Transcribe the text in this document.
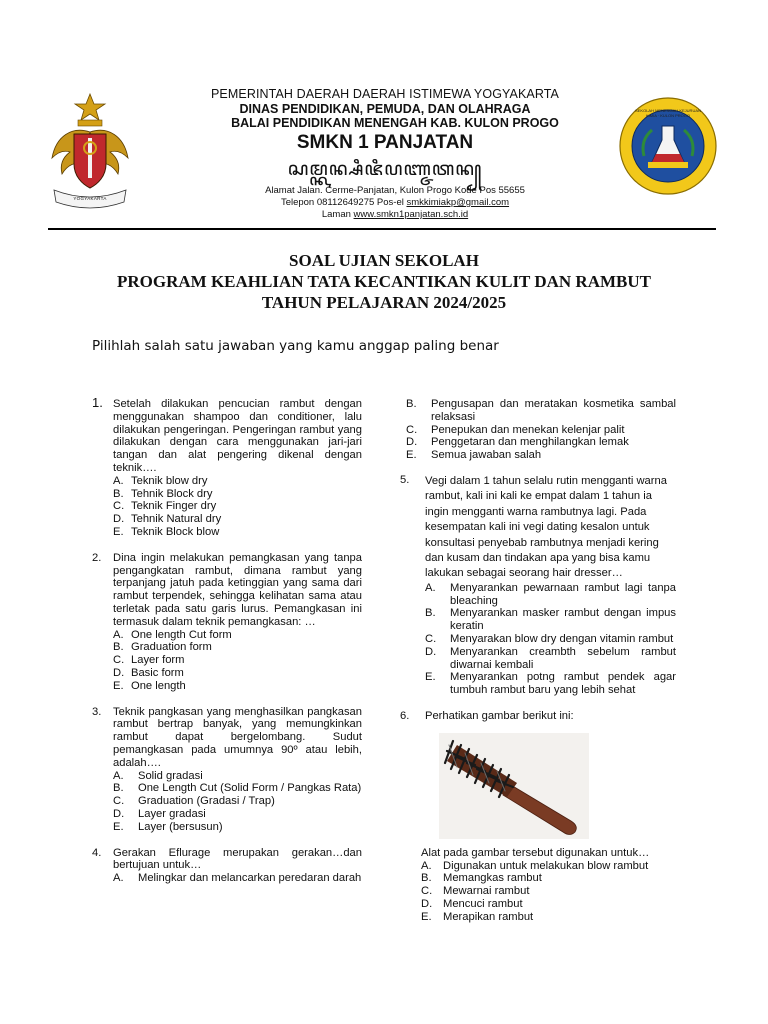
YOGYAKARTA
PEMERINTAH DAERAH DAERAH ISTIMEWA YOGYAKARTA
DINAS PENDIDIKAN, PEMUDA, DAN OLAHRAGA
BALAI PENDIDIKAN MENENGAH KAB. KULON PROGO
SMKN 1 PANJATAN
ꦱꦩ꧀ꦏꦤ꧀ꦱꦶꦗꦶꦥꦚ꧀ꦗꦠꦤ꧀
Alamat Jalan. Cerme-Panjatan, Kulon Progo Kode Pos 55655
Telepon 08112649275 Pos-el smkkimiakp@gmail.com
Laman www.smkn1panjatan.sch.id
SEKOLAH MENENGAH KEJURUAN KIMIA · KULON PROGO
SOAL UJIAN SEKOLAH
PROGRAM KEAHLIAN TATA KECANTIKAN KULIT DAN RAMBUT
TAHUN PELAJARAN 2024/2025
Pilihlah salah satu jawaban yang kamu anggap paling benar
1. Setelah dilakukan pencucian rambut dengan menggunakan shampoo dan conditioner, lalu dilakukan pengeringan. Pengeringan rambut yang dilakukan dengan cara menggunakan jari-jari tangan dan alat pengering dikenal dengan teknik….
A. Teknik blow dry
B. Tehnik Block dry
C. Teknik Finger dry
D. Tehnik Natural dry
E. Teknik Block blow
2. Dina ingin melakukan pemangkasan yang tanpa pengangkatan rambut, dimana rambut yang terpanjang jatuh pada ketinggian yang sama dari rambut terpendek, sehingga kelihatan sama atau terletak pada satu garis lurus. Pemangkasan ini termasuk dalam teknik pemangkasan: …
A. One length Cut form
B. Graduation form
C. Layer form
D. Basic form
E. One length
3. Teknik pangkasan yang menghasilkan pangkasan rambut bertrap banyak, yang memungkinkan rambut dapat bergelombang. Sudut pemangkasan pada umumnya 90º atau lebih, adalah….
A. Solid gradasi
B. One Length Cut (Solid Form / Pangkas Rata)
C. Graduation (Gradasi / Trap)
D. Layer gradasi
E. Layer (bersusun)
4. Gerakan Eflurage merupakan gerakan…dan bertujuan untuk…
A. Melingkar dan melancarkan peredaran darah
B. Pengusapan dan meratakan kosmetika sambal relaksasi
C. Penepukan dan menekan kelenjar palit
D. Penggetaran dan menghilangkan lemak
E. Semua jawaban salah
5. Vegi dalam 1 tahun selalu rutin mengganti warna rambut, kali ini kali ke empat dalam 1 tahun ia ingin mengganti warna rambutnya lagi. Pada kesempatan kali ini vegi dating kesalon untuk konsultasi penyebab rambutnya menjadi kering dan kusam dan tindakan apa yang bisa kamu lakukan sebagai seorang hair dresser…
A. Menyarankan pewarnaan rambut lagi tanpa bleaching
B. Menyarankan masker rambut dengan impus keratin
C. Menyarakan blow dry dengan vitamin rambut
D. Menyarankan creambth sebelum rambut diwarnai kembali
E. Menyarankan potng rambut pendek agar tumbuh rambut baru yang lebih sehat
6. Perhatikan gambar berikut ini:
Alat pada gambar tersebut digunakan untuk…
A. Digunakan untuk melakukan blow rambut
B. Memangkas rambut
C. Mewarnai rambut
D. Mencuci rambut
E. Merapikan rambut
